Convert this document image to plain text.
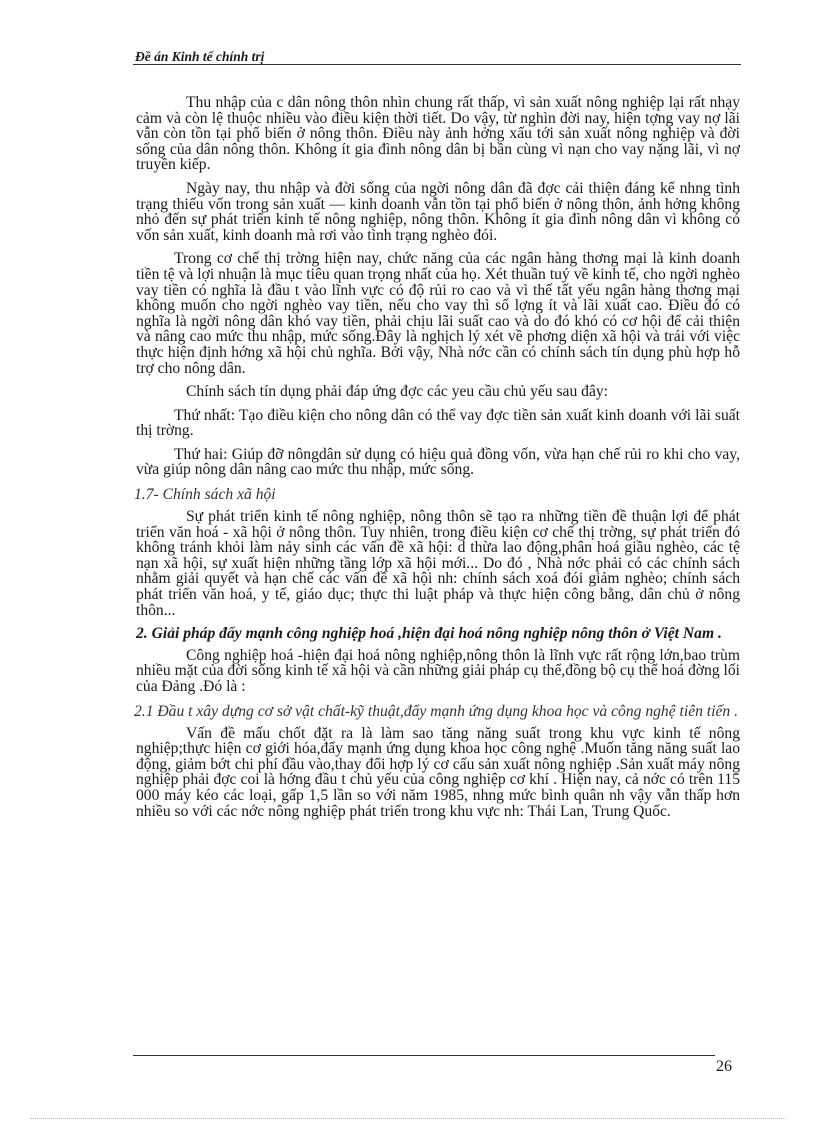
Đề án Kinh tế chính trị

Thu nhập của c dân nông thôn nhìn chung rất thấp, vì sản xuất nông nghiệp lại rất nhạy cảm và còn lệ thuộc nhiều vào điều kiện thời tiết. Do vậy, từ nghìn đời nay, hiện tợng vay nợ lãi vẫn còn tồn tại phổ biến ở nông thôn. Điều này ảnh hởng xấu tới sản xuất nông nghiệp và đời sống của dân nông thôn. Không ít gia đình nông dân bị bần cùng vì nạn cho vay nặng lãi, vì nợ truyền kiếp.

Ngày nay, thu nhập và đời sống của ngời nông dân đã đợc cải thiện đáng kể nhng tình trạng thiếu vốn trong sản xuất — kinh doanh vẫn tồn tại phổ biến ở nông thôn, ảnh hởng không nhỏ đến sự phát triển kinh tế nông nghiệp, nông thôn. Không ít gia đình nông dân vì không có vốn sản xuất, kinh doanh mà rơi vào tình trạng nghèo đói.

Trong cơ chế thị trờng hiện nay, chức năng của các ngân hàng thơng mại là kinh doanh tiền tệ và lợi nhuận là mục tiêu quan trọng nhất của họ. Xét thuần tuý về kinh tế, cho ngời nghèo vay tiền có nghĩa là đầu t vào lĩnh vực có độ rủi ro cao và vì thế tất yếu ngân hàng thơng mại không muốn cho ngời nghèo vay tiền, nếu cho vay thì số lợng ít và lãi xuất cao. Điều đó có nghĩa là ngời nông dân khó vay tiền, phải chịu lãi suất cao và do đó khó có cơ hội để cải thiện và nâng cao mức thu nhập, mức sống.Đây là nghịch lý xét về phơng diện xã hội và trái với việc thực hiện định hớng xã hội chủ nghĩa. Bởi vậy, Nhà nớc cần có chính sách tín dụng phù hợp hỗ trợ cho nông dân.

Chính sách tín dụng phải đáp ứng đợc các yeu cầu chủ yếu sau đây:

Thứ nhất: Tạo điều kiện cho nông dân có thể vay đợc tiền sản xuất kinh doanh với lãi suất thị trờng.

Thứ hai: Giúp đỡ nôngdân sử dụng có hiệu quả đồng vốn, vừa hạn chế rủi ro khi cho vay, vừa giúp nông dân nâng cao mức thu nhập, mức sống.

1.7- Chính sách xã hội

Sự phát triển kinh tế nông nghiệp, nông thôn sẽ tạo ra những tiền đề thuận lợi để phát triển văn hoá - xã hội ở nông thôn. Tuy nhiên, trong điều kiện cơ chế thị trờng, sự phát triển đó không tránh khỏi làm nảy sinh các vấn đề xã hội: d thừa lao động,phân hoá giầu nghèo, các tệ nạn xã hội, sự xuất hiện những tầng lớp xã hội mới... Do đó , Nhà nớc phải có các chính sách nhằm giải quyết và hạn chế các vấn đề xã hội nh: chính sách xoá đói giảm nghèo; chính sách phát triển văn hoá, y tế, giáo dục; thực thi luật pháp và thực hiện công bằng, dân chủ ở nông thôn...

2. Giải pháp đẩy mạnh công nghiệp hoá ,hiện đại hoá nông nghiệp nông thôn ở Việt Nam .

Công nghiệp hoá -hiện đại hoá nông nghiệp,nông thôn là lĩnh vực rất rộng lớn,bao trùm nhiều mặt của đời sống kinh tế xã hội và cần những giải pháp cụ thể,đồng bộ cụ thể hoá đờng lối của Đảng .Đó là :

2.1 Đầu t xây dựng cơ sở vật chất-kỹ thuật,đẩy mạnh ứng dụng khoa học và công nghệ tiên tiến .

Vấn đề mấu chốt đặt ra là làm sao tăng năng suất trong khu vực kinh tế nông nghiệp;thực hiện cơ giới hóa,đẩy mạnh ứng dụng khoa học công nghệ .Muốn tăng năng suất lao động, giảm bớt chi phí đầu vào,thay đổi hợp lý cơ cấu sản xuất nông nghiệp .Sản xuất máy nông nghiệp phải đợc coi là hớng đầu t chủ yếu của công nghiệp cơ khí . Hiện nay, cả nớc có trên 115 000 máy kéo các loại, gấp 1,5 lần so với năm 1985, nhng mức bình quân nh vậy vẫn thấp hơn nhiều so với các nớc nông nghiệp phát triển trong khu vực nh: Thái Lan, Trung Quốc.

26
